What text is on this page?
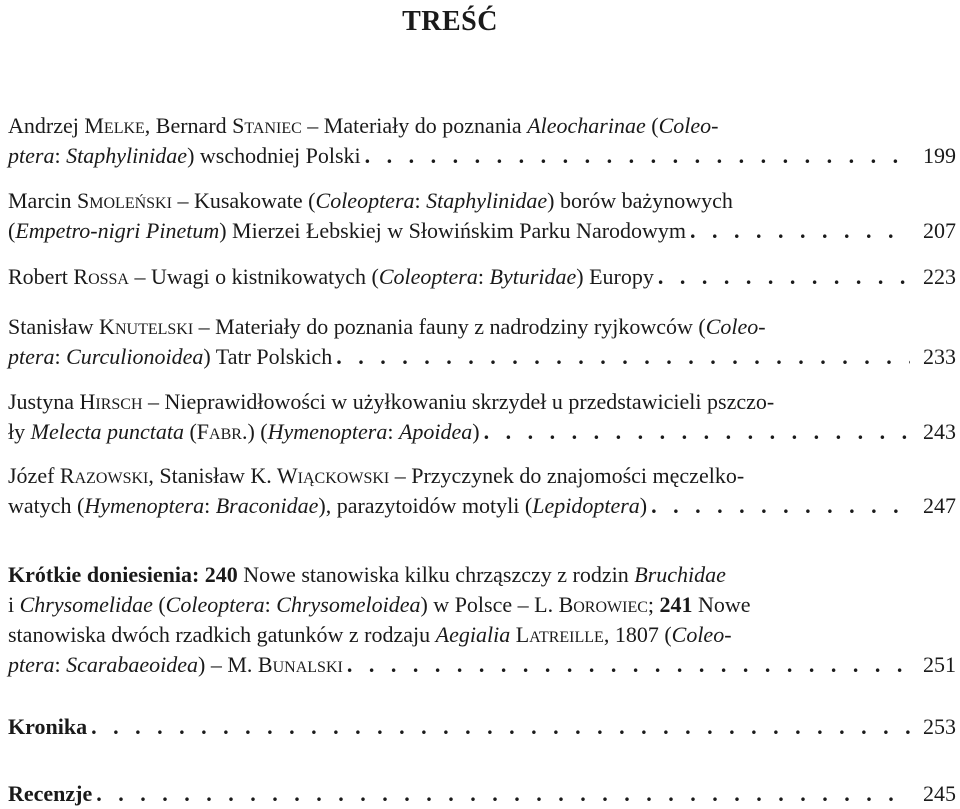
TREŚĆ
Andrzej MELKE, Bernard STANIEC – Materiały do poznania Aleocharinae (Coleo-
ptera: Staphylinidae) wschodniej Polski . . .	199
Marcin SMOLEŃSKI – Kusakowate (Coleoptera: Staphylinidae) borów bażynowych
(Empetro-nigri Pinetum) Mierzei Łebskiej w Słowińskim Parku Narodowym . . .	207
Robert ROSSA – Uwagi o kistnikowatych (Coleoptera: Byturidae) Europy . . .	223
Stanisław KNUTELSKI – Materiały do poznania fauny z nadrodziny ryjkowców (Coleo-
ptera: Curculionoidea) Tatr Polskich . . .	233
Justyna HIRSCH – Nieprawidłowości w użyłkowaniu skrzydeł u przedstawicieli pszczo-
ły Melecta punctata (FABR.) (Hymenoptera: Apoidea) . . .	243
Józef RAZOWSKI, Stanisław K. WIĄCKOWSKI – Przyczynek do znajomości męczelko-
watych (Hymenoptera: Braconidae), parazytoidów motyli (Lepidoptera) . . .	247
Krótkie doniesienia: 240 Nowe stanowiska kilku chrząszczy z rodzin Bruchidae
i Chrysomelidae (Coleoptera: Chrysomeloidea) w Polsce – L. BOROWIEC; 241 Nowe
stanowiska dwóch rzadkich gatunków z rodzaju Aegialia LATREILLE, 1807 (Coleo-
ptera: Scarabaeoidea) – M. BUNALSKI . . .	251
Kronika . . .	253
Recenzje . . .	245
